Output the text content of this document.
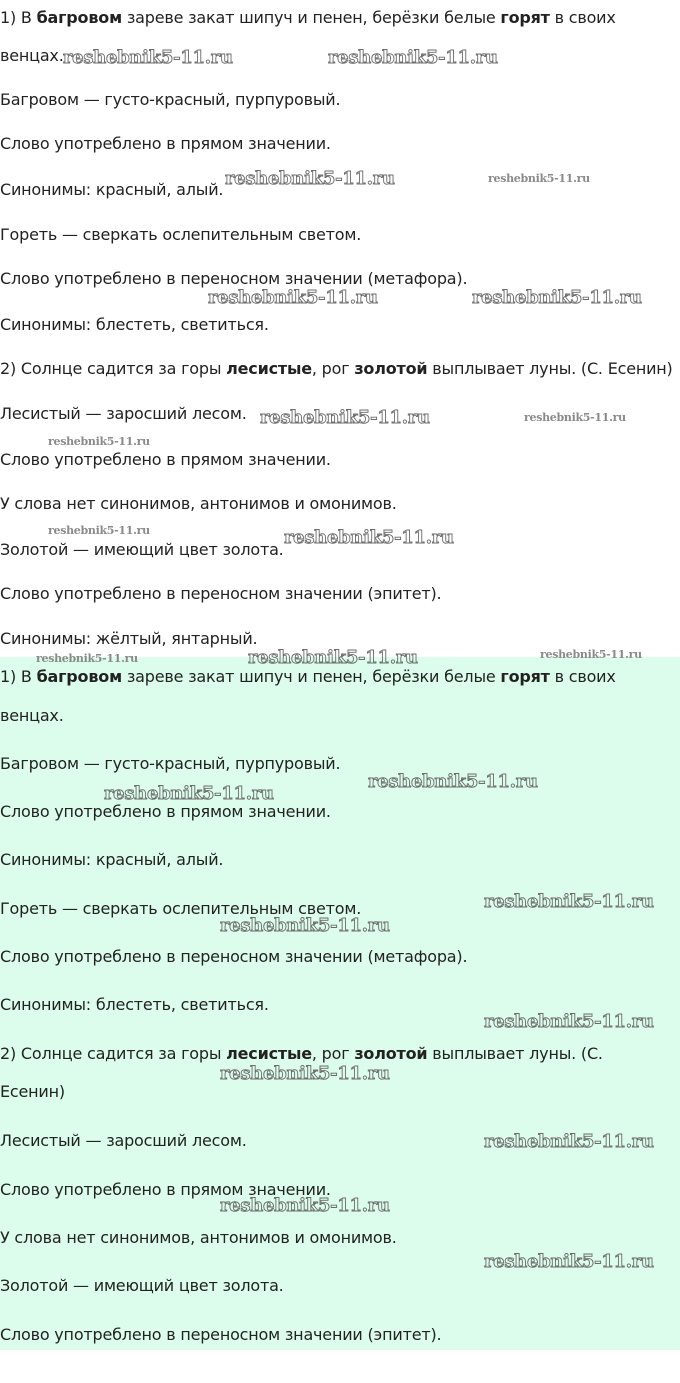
1) В багровом зареве закат шипуч и пенен, берёзки белые горят в своих
венцах.
Багровом — густо-красный, пурпуровый.
Слово употреблено в прямом значении.
Синонимы: красный, алый.
Гореть — сверкать ослепительным светом.
Слово употреблено в переносном значении (метафора).
Синонимы: блестеть, светиться.
2) Солнце садится за горы лесистые, рог золотой выплывает луны. (С. Есенин)
Лесистый — заросший лесом.
Слово употреблено в прямом значении.
У слова нет синонимов, антонимов и омонимов.
Золотой — имеющий цвет золота.
Слово употреблено в переносном значении (эпитет).
Синонимы: жёлтый, янтарный.
1) В багровом зареве закат шипуч и пенен, берёзки белые горят в своих
венцах.
Багровом — густо-красный, пурпуровый.
Слово употреблено в прямом значении.
Синонимы: красный, алый.
Гореть — сверкать ослепительным светом.
Слово употреблено в переносном значении (метафора).
Синонимы: блестеть, светиться.
2) Солнце садится за горы лесистые, рог золотой выплывает луны. (С.
Есенин)
Лесистый — заросший лесом.
Слово употреблено в прямом значении.
У слова нет синонимов, антонимов и омонимов.
Золотой — имеющий цвет золота.
Слово употреблено в переносном значении (эпитет).
reshebnik5-11.ru	reshebnik5-11.ru
reshebnik5-11.ru	reshebnik5-11.ru
reshebnik5-11.ru	reshebnik5-11.ru
reshebnik5-11.ru	reshebnik5-11.ru
reshebnik5-11.ru
reshebnik5-11.ru	reshebnik5-11.ru
reshebnik5-11.ru	reshebnik5-11.ru	reshebnik5-11.ru
reshebnik5-11.ru
reshebnik5-11.ru
reshebnik5-11.ru
reshebnik5-11.ru
reshebnik5-11.ru
reshebnik5-11.ru
reshebnik5-11.ru
reshebnik5-11.ru
reshebnik5-11.ru
